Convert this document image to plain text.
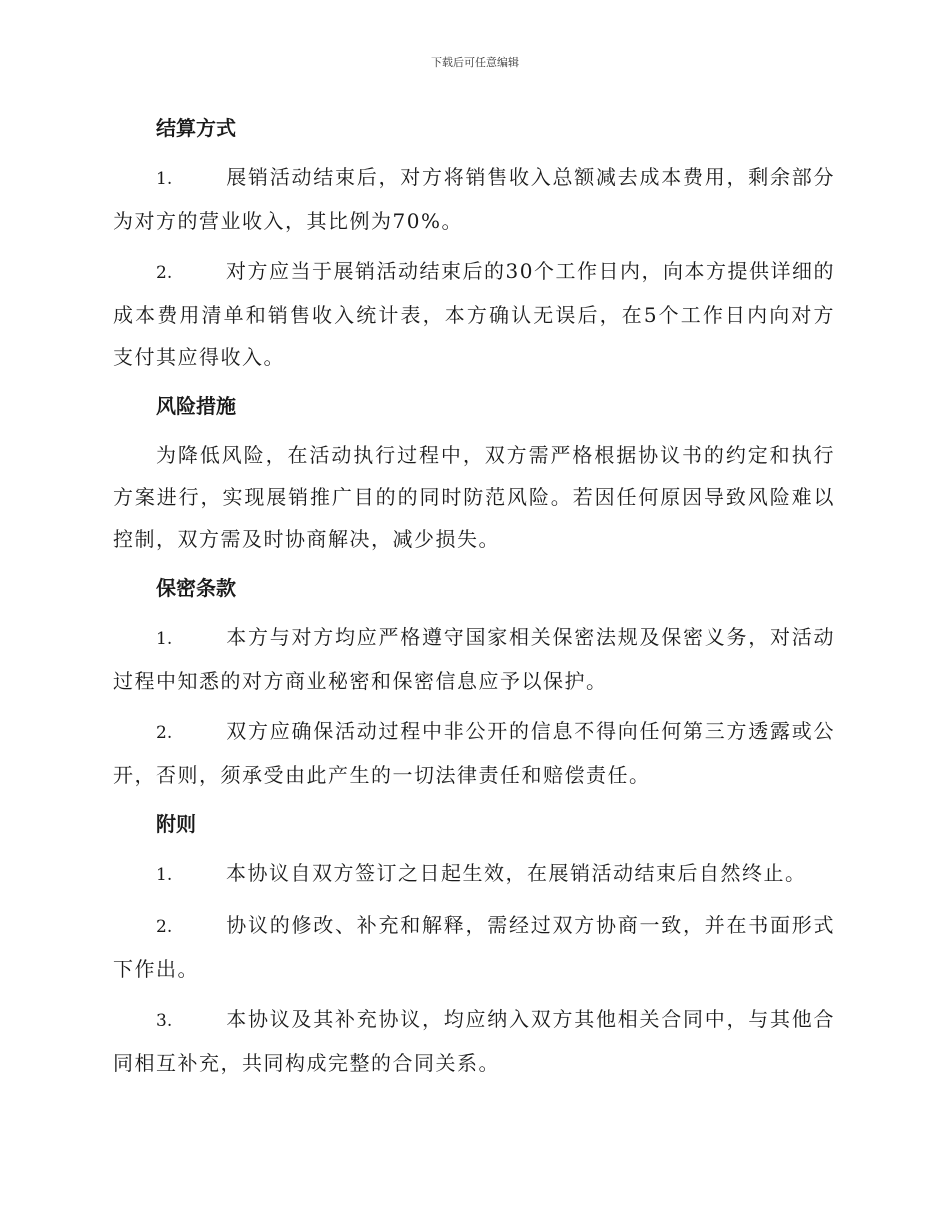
下载后可任意编辑
结算方式

1.	展销活动结束后，对方将销售收入总额减去成本费用，剩余部分为对方的营业收入，其比例为70%。

2.	对方应当于展销活动结束后的30个工作日内，向本方提供详细的成本费用清单和销售收入统计表，本方确认无误后，在5个工作日内向对方支付其应得收入。

风险措施

为降低风险，在活动执行过程中，双方需严格根据协议书的约定和执行方案进行，实现展销推广目的的同时防范风险。若因任何原因导致风险难以控制，双方需及时协商解决，减少损失。

保密条款

1.	本方与对方均应严格遵守国家相关保密法规及保密义务，对活动过程中知悉的对方商业秘密和保密信息应予以保护。

2.	双方应确保活动过程中非公开的信息不得向任何第三方透露或公开，否则，须承受由此产生的一切法律责任和赔偿责任。

附则

1.	本协议自双方签订之日起生效，在展销活动结束后自然终止。

2.	协议的修改、补充和解释，需经过双方协商一致，并在书面形式下作出。

3.	本协议及其补充协议，均应纳入双方其他相关合同中，与其他合同相互补充，共同构成完整的合同关系。
